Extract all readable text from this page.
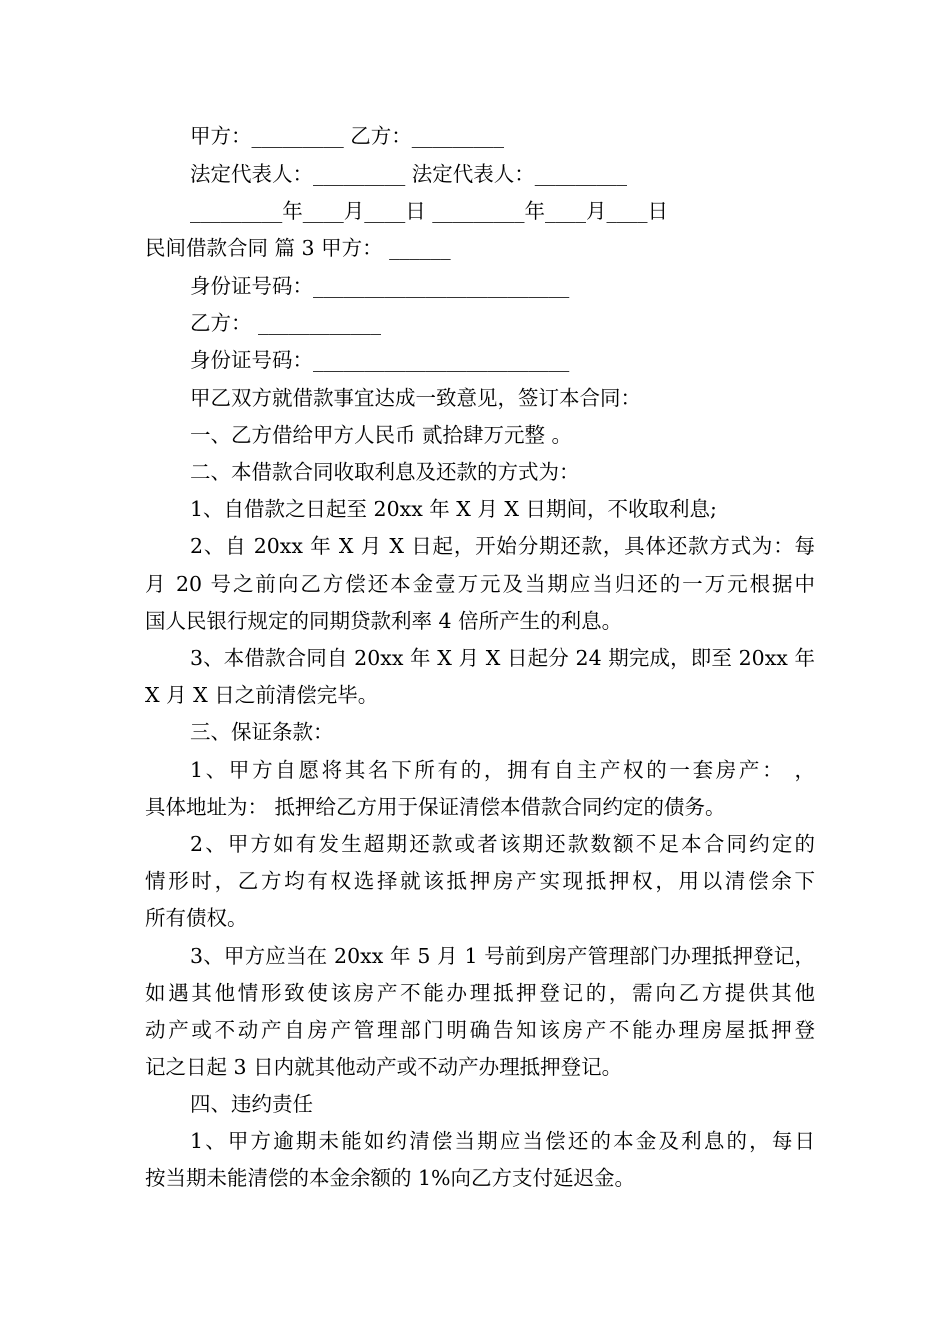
甲方：_________ 乙方：_________
法定代表人：_________ 法定代表人：_________
_________年____月____日 _________年____月____日
民间借款合同 篇 3 甲方： ______
身份证号码：_________________________
乙方： ____________
身份证号码：_________________________
甲乙双方就借款事宜达成一致意见，签订本合同：
一、乙方借给甲方人民币 贰拾肆万元整 。
二、本借款合同收取利息及还款的方式为：
1、自借款之日起至 20xx 年 X 月 X 日期间，不收取利息;
2、自 20xx 年 X 月 X 日起，开始分期还款，具体还款方式为：每
月 20 号之前向乙方偿还本金壹万元及当期应当归还的一万元根据中
国人民银行规定的同期贷款利率 4 倍所产生的利息。
3、本借款合同自 20xx 年 X 月 X 日起分 24 期完成，即至 20xx 年
X 月 X 日之前清偿完毕。
三、保证条款：
1、甲方自愿将其名下所有的，拥有自主产权的一套房产： ，
具体地址为： 抵押给乙方用于保证清偿本借款合同约定的债务。
2、甲方如有发生超期还款或者该期还款数额不足本合同约定的
情形时，乙方均有权选择就该抵押房产实现抵押权，用以清偿余下
所有债权。
3、甲方应当在 20xx 年 5 月 1 号前到房产管理部门办理抵押登记，
如遇其他情形致使该房产不能办理抵押登记的，需向乙方提供其他
动产或不动产自房产管理部门明确告知该房产不能办理房屋抵押登
记之日起 3 日内就其他动产或不动产办理抵押登记。
四、违约责任
1、甲方逾期未能如约清偿当期应当偿还的本金及利息的，每日
按当期未能清偿的本金余额的 1%向乙方支付延迟金。
